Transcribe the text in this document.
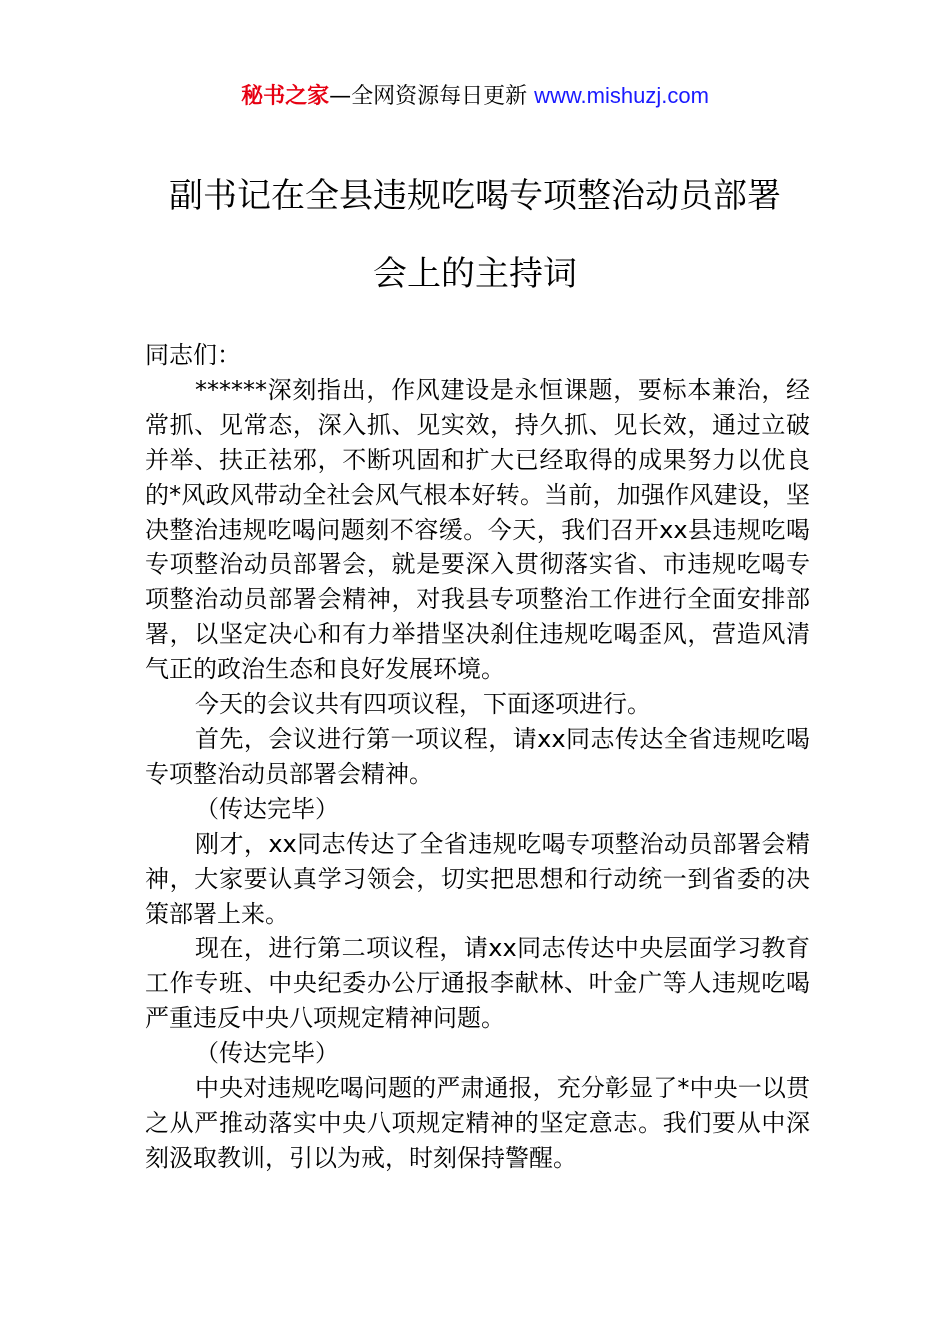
秘书之家—全网资源每日更新 www.mishuzj.com
副书记在全县违规吃喝专项整治动员部署
会上的主持词

同志们：

******深刻指出，作风建设是永恒课题，要标本兼治，经常抓、见常态，深入抓、见实效，持久抓、见长效，通过立破并举、扶正祛邪，不断巩固和扩大已经取得的成果努力以优良的*风政风带动全社会风气根本好转。当前，加强作风建设，坚决整治违规吃喝问题刻不容缓。今天，我们召开xx县违规吃喝专项整治动员部署会，就是要深入贯彻落实省、市违规吃喝专项整治动员部署会精神，对我县专项整治工作进行全面安排部署，以坚定决心和有力举措坚决刹住违规吃喝歪风，营造风清气正的政治生态和良好发展环境。

今天的会议共有四项议程，下面逐项进行。

首先，会议进行第一项议程，请xx同志传达全省违规吃喝专项整治动员部署会精神。

（传达完毕）

刚才，xx同志传达了全省违规吃喝专项整治动员部署会精神，大家要认真学习领会，切实把思想和行动统一到省委的决策部署上来。

现在，进行第二项议程，请xx同志传达中央层面学习教育工作专班、中央纪委办公厅通报李献林、叶金广等人违规吃喝严重违反中央八项规定精神问题。

（传达完毕）

中央对违规吃喝问题的严肃通报，充分彰显了*中央一以贯之从严推动落实中央八项规定精神的坚定意志。我们要从中深刻汲取教训，引以为戒，时刻保持警醒。
